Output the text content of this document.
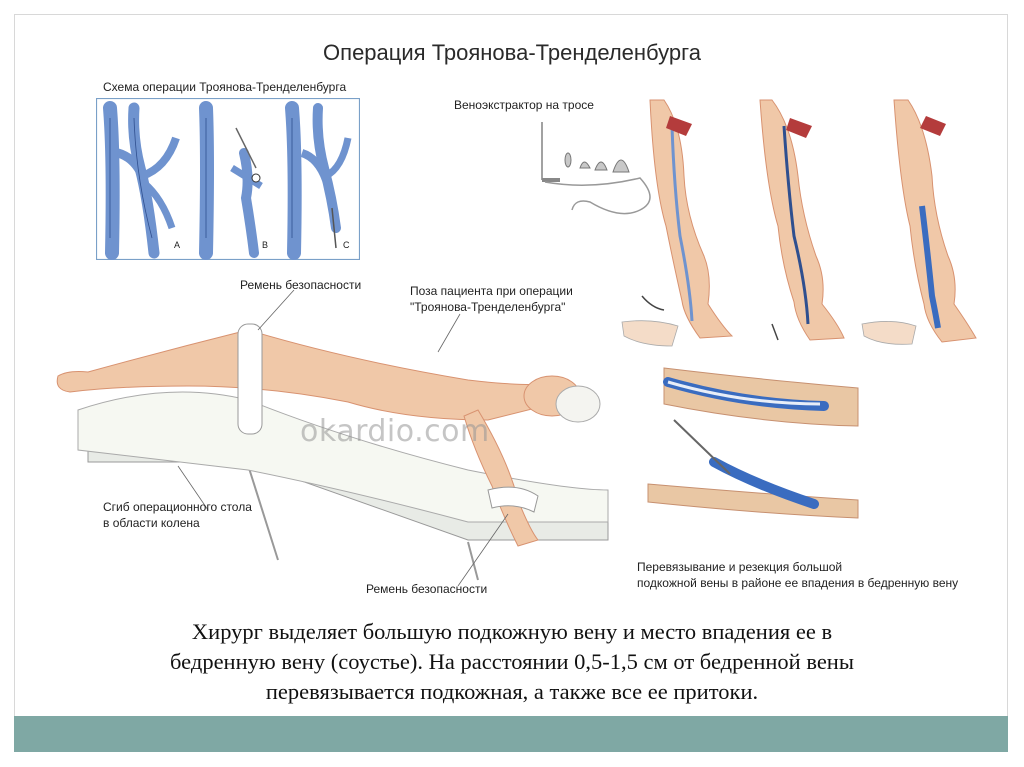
Операция Троянова-Тренделенбурга
Схема операции Троянова-Тренделенбурга
A	B	C
Веноэкстрактор на тросе
Ремень безопасности	Поза пациента при операции
"Троянова-Тренделенбурга"
okardio.com
Сгиб операционного стола
в области колена
Ремень безопасности
Перевязывание и резекция большой
подкожной вены в районе ее впадения в бедренную вену
Хирург выделяет большую подкожную вену и место впадения ее в
бедренную вену (соустье). На расстоянии 0,5-1,5 см от бедренной вены
перевязывается подкожная, а также все ее притоки.
